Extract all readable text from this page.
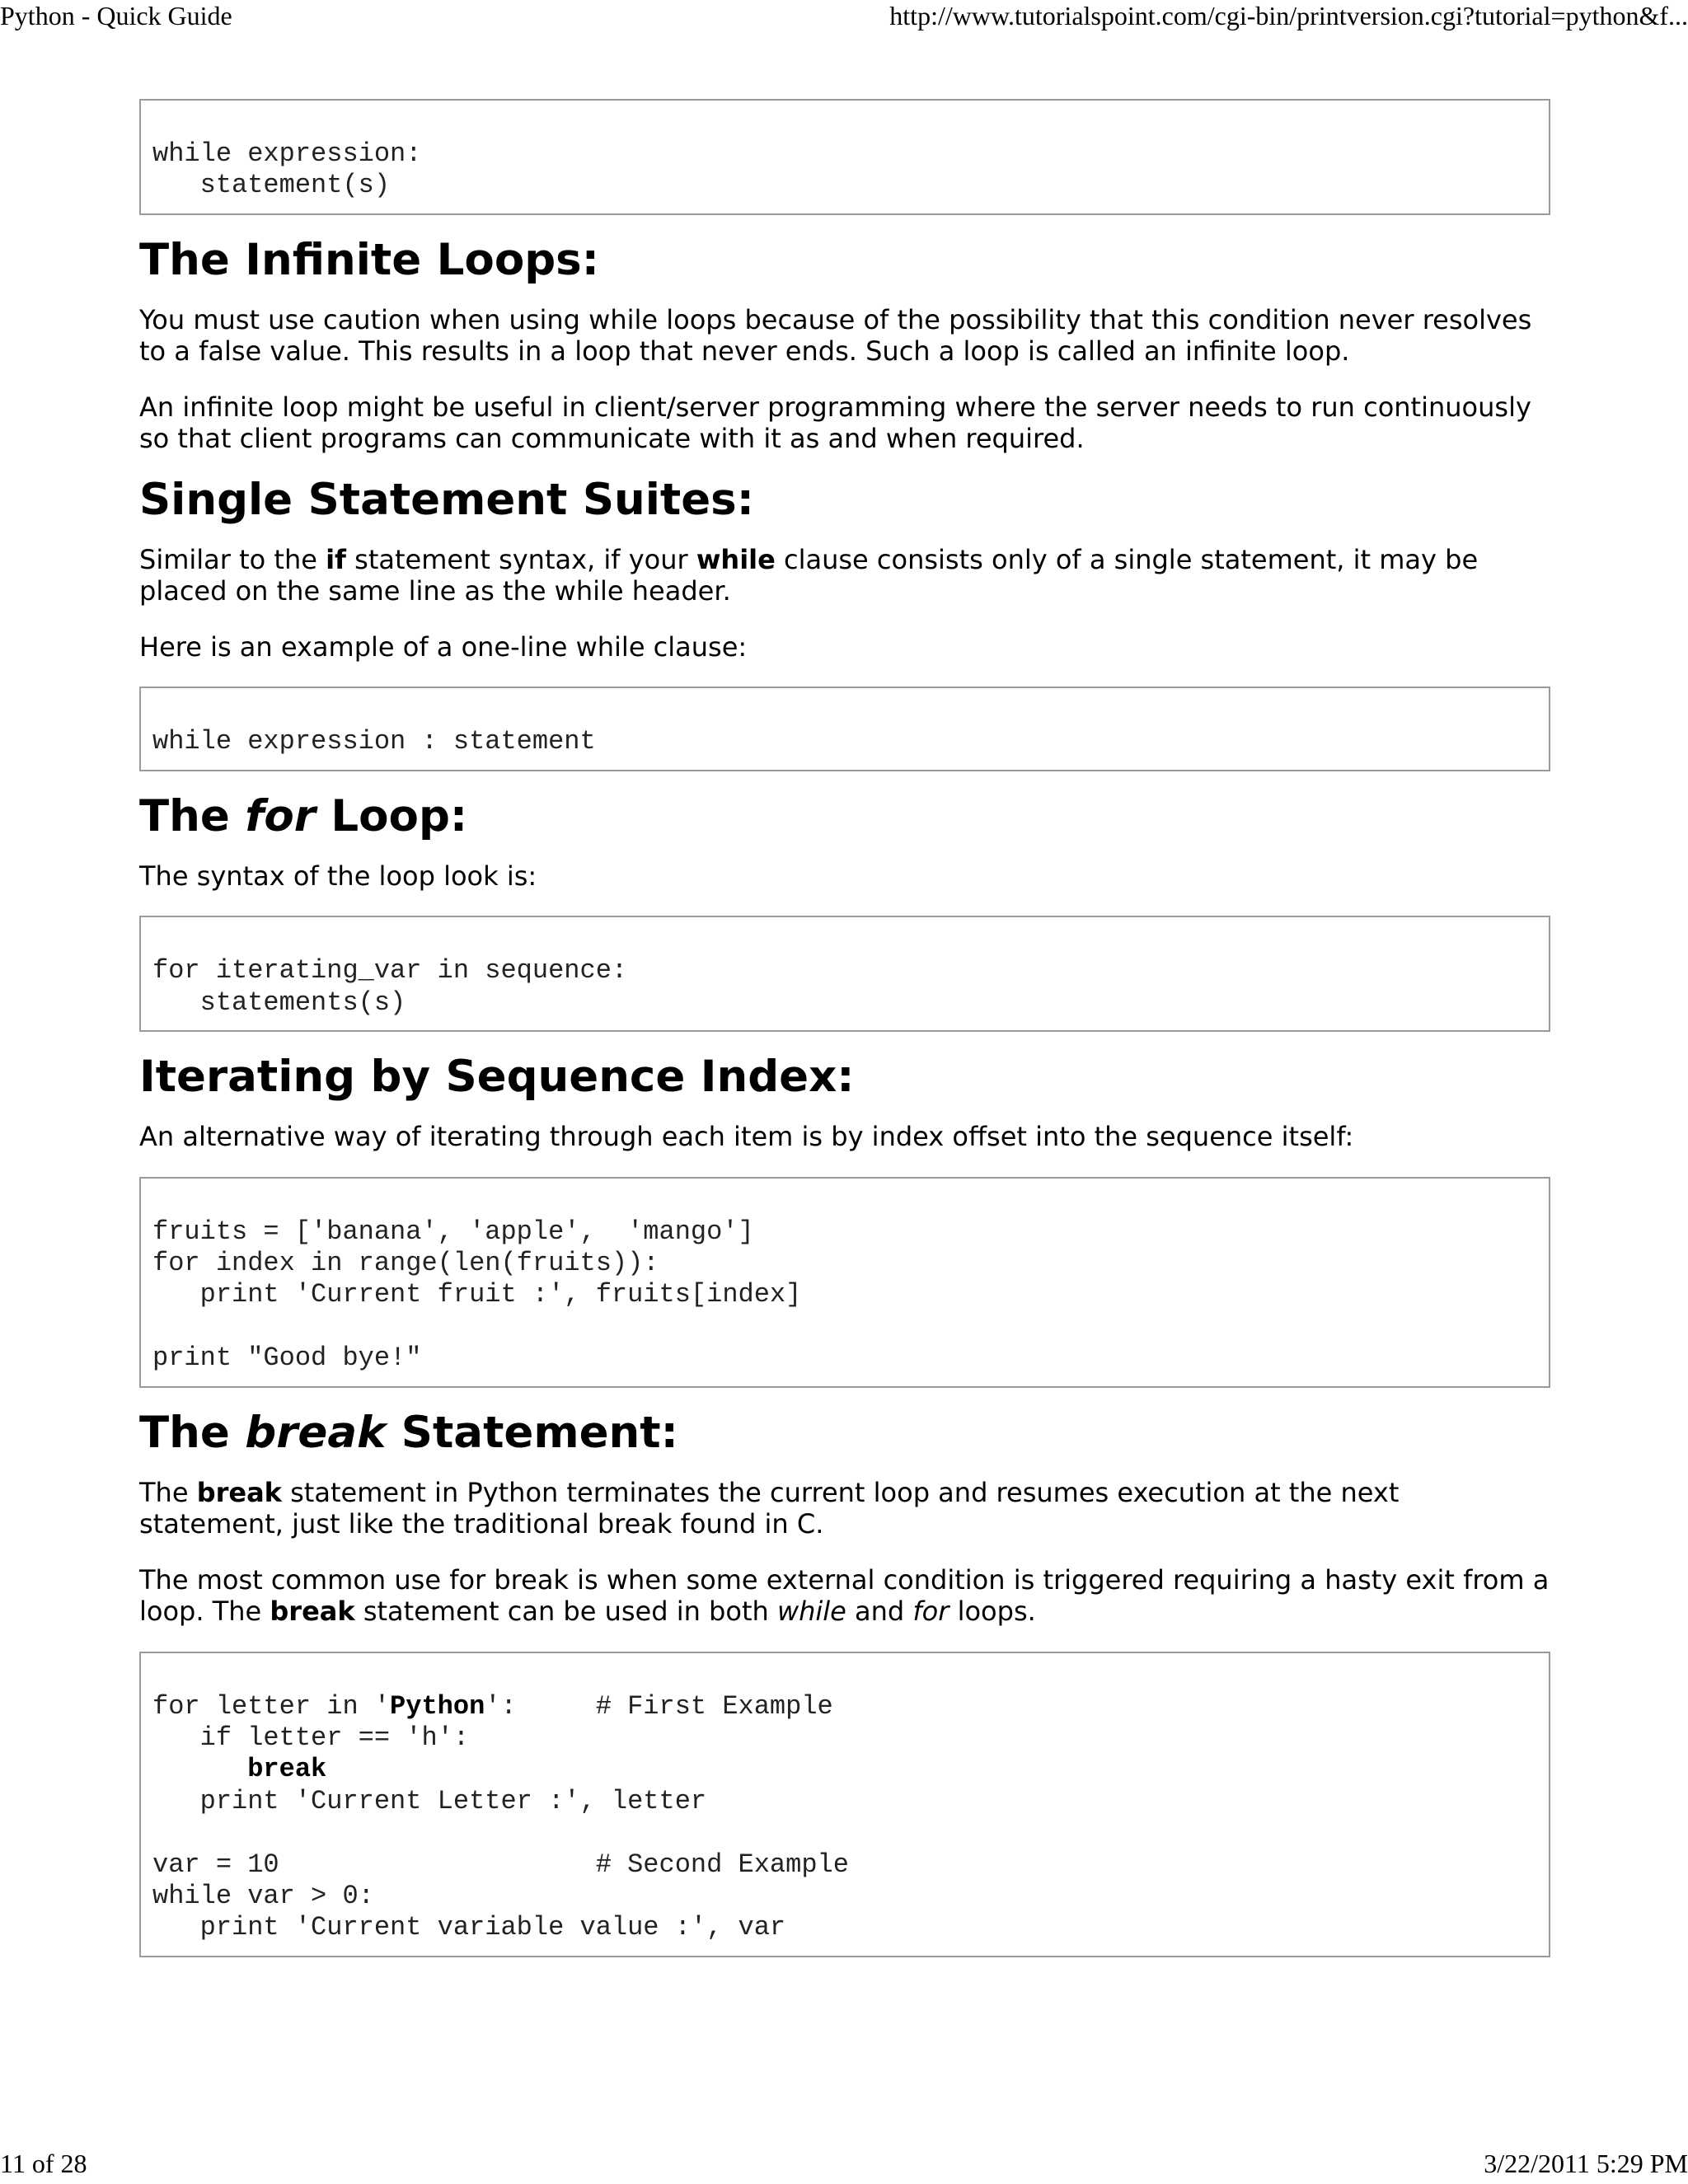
Python - Quick Guide	http://www.tutorialspoint.com/cgi-bin/printversion.cgi?tutorial=python&f...
while expression:
statement(s)
The Infinite Loops:

You must use caution when using while loops because of the possibility that this condition never resolves to a false value. This results in a loop that never ends. Such a loop is called an infinite loop.

An infinite loop might be useful in client/server programming where the server needs to run continuously so that client programs can communicate with it as and when required.

Single Statement Suites:

Similar to the if statement syntax, if your while clause consists only of a single statement, it may be placed on the same line as the while header.

Here is an example of a one-line while clause:

while expression : statement
The for Loop:

The syntax of the loop look is:

for iterating_var in sequence:
statements(s)
Iterating by Sequence Index:

An alternative way of iterating through each item is by index offset into the sequence itself:

fruits = ['banana', 'apple',  'mango']
for index in range(len(fruits)):
print 'Current fruit :', fruits[index]

print "Good bye!"
The break Statement:

The break statement in Python terminates the current loop and resumes execution at the next statement, just like the traditional break found in C.

The most common use for break is when some external condition is triggered requiring a hasty exit from a loop. The break statement can be used in both while and for loops.

for letter in 'Python':     # First Example
if letter == 'h':
break
print 'Current Letter :', letter

var = 10                    # Second Example
while var > 0:
print 'Current variable value :', var
11 of 28	3/22/2011 5:29 PM
